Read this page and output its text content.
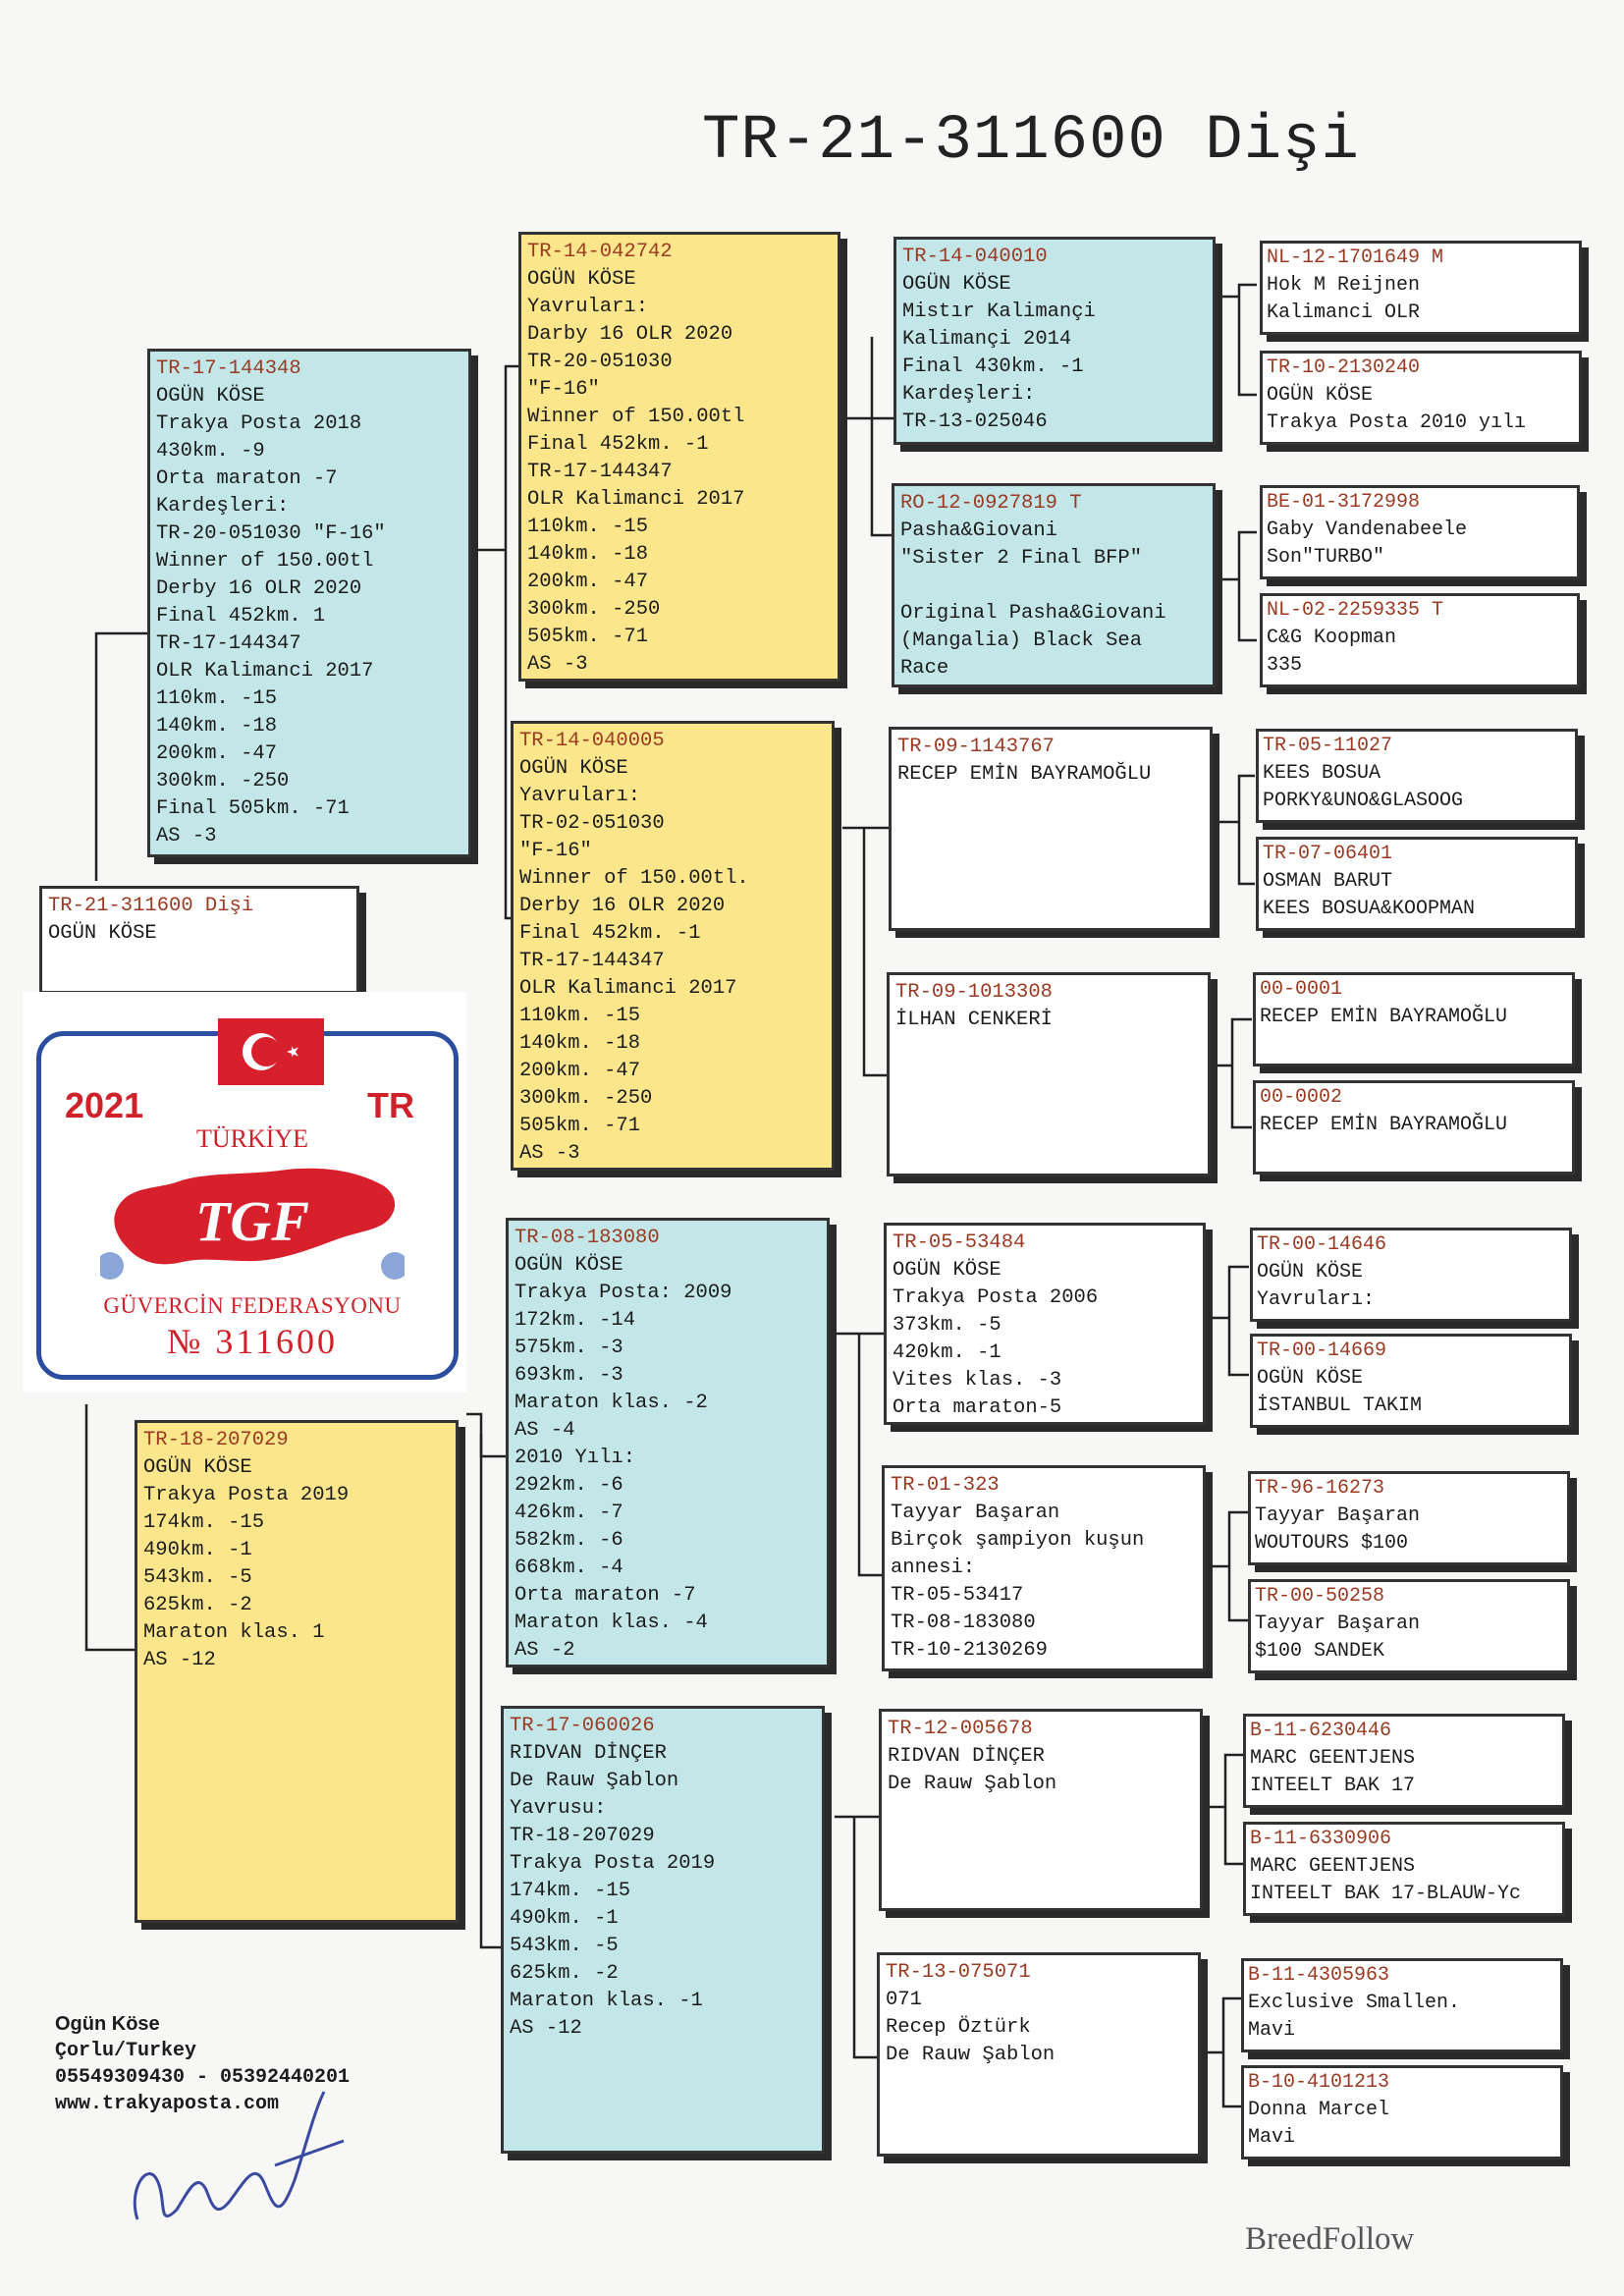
TR-21-311600 Dişi
TR-21-311600 Dişi
OGÜN KÖSE
TR-17-144348
OGÜN KÖSE
Trakya Posta 2018
430km. -9
Orta maraton -7
Kardeşleri:
TR-20-051030 "F-16"
Winner of 150.00tl
Derby 16 OLR 2020
Final 452km. 1
TR-17-144347
OLR Kalimanci 2017
110km. -15
140km. -18
200km. -47
300km. -250
Final 505km. -71
AS -3
TR-18-207029
OGÜN KÖSE
Trakya Posta 2019
174km. -15
490km. -1
543km. -5
625km. -2
Maraton klas. 1
AS -12
TR-14-042742
OGÜN KÖSE
Yavruları:
Darby 16 OLR 2020
TR-20-051030
"F-16"
Winner of 150.00tl
Final 452km. -1
TR-17-144347
OLR Kalimanci 2017
110km. -15
140km. -18
200km. -47
300km. -250
505km. -71
AS -3
TR-14-040005
OGÜN KÖSE
Yavruları:
TR-02-051030
"F-16"
Winner of 150.00tl.
Derby 16 OLR 2020
Final 452km. -1
TR-17-144347
OLR Kalimanci 2017
110km. -15
140km. -18
200km. -47
300km. -250
505km. -71
AS -3
TR-08-183080
OGÜN KÖSE
Trakya Posta: 2009
172km. -14
575km. -3
693km. -3
Maraton klas. -2
AS -4
2010 Yılı:
292km. -6
426km. -7
582km. -6
668km. -4
Orta maraton -7
Maraton klas. -4
AS -2
TR-17-060026
RIDVAN DİNÇER
De Rauw Şablon
Yavrusu:
TR-18-207029
Trakya Posta 2019
174km. -15
490km. -1
543km. -5
625km. -2
Maraton klas. -1
AS -12
TR-14-040010
OGÜN KÖSE
Mistır Kalimançi
Kalimançi 2014
Final 430km. -1
Kardeşleri:
TR-13-025046
RO-12-0927819 T
Pasha&Giovani
"Sister 2 Final BFP"
Original Pasha&Giovani
(Mangalia) Black Sea
Race
TR-09-1143767
RECEP EMİN BAYRAMOĞLU
TR-09-1013308
İLHAN CENKERİ
TR-05-53484
OGÜN KÖSE
Trakya Posta 2006
373km. -5
420km. -1
Vites klas. -3
Orta maraton-5
TR-01-323
Tayyar Başaran
Birçok şampiyon kuşun
annesi:
TR-05-53417
TR-08-183080
TR-10-2130269
TR-12-005678
RIDVAN DİNÇER
De Rauw Şablon
TR-13-075071
071
Recep Öztürk
De Rauw Şablon
NL-12-1701649 M
Hok M Reijnen
Kalimanci OLR
TR-10-2130240
OGÜN KÖSE
Trakya Posta 2010 yılı
BE-01-3172998
Gaby Vandenabeele
Son"TURBO"
NL-02-2259335 T
C&G Koopman
335
TR-05-11027
KEES BOSUA
PORKY&UNO&GLASOOG
TR-07-06401
OSMAN BARUT
KEES BOSUA&KOOPMAN
00-0001
RECEP EMİN BAYRAMOĞLU
00-0002
RECEP EMİN BAYRAMOĞLU
TR-00-14646
OGÜN KÖSE
Yavruları:
TR-00-14669
OGÜN KÖSE
İSTANBUL TAKIM
TR-96-16273
Tayyar Başaran
WOUTOURS $100
TR-00-50258
Tayyar Başaran
$100 SANDEK
B-11-6230446
MARC GEENTJENS
INTEELT BAK 17
B-11-6330906
MARC GEENTJENS
INTEELT BAK 17-BLAUW-Yc
B-11-4305963
Exclusive Smallen.
Mavi
B-10-4101213
Donna Marcel
Mavi
2021	TR
TÜRKİYE
TGF
GÜVERCİN FEDERASYONU
№ 311600
Ogün Köse
Çorlu/Turkey
05549309430 - 05392440201
www.trakyaposta.com
BreedFollow
